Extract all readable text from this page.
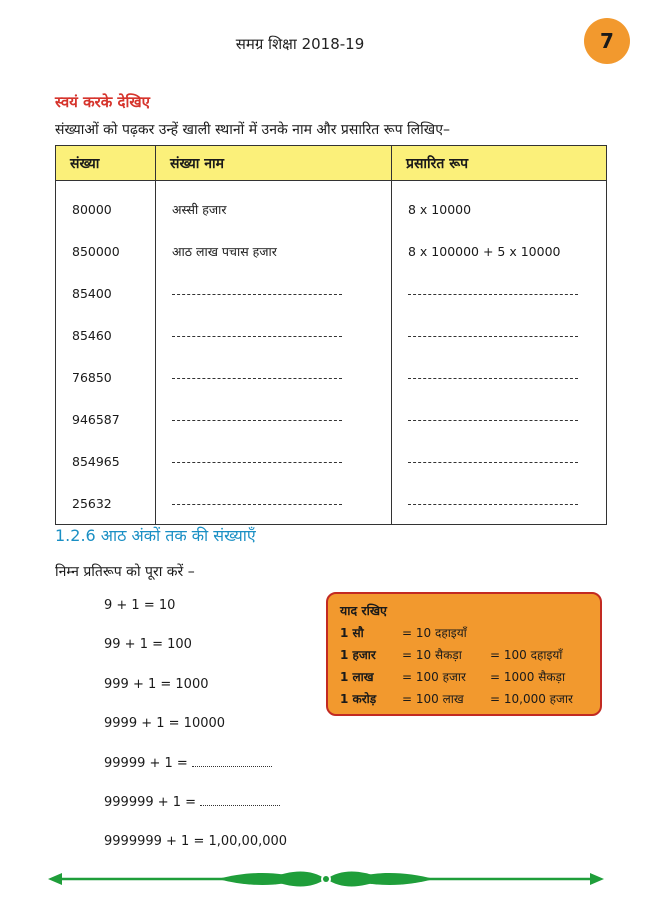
समग्र शिक्षा 2018-19	7
स्वयं करके देखिए
संख्याओं को पढ़कर उन्हें खाली स्थानों में उनके नाम और प्रसारित रूप लिखिए–
संख्या	संख्या नाम	प्रसारित रूप
80000	अस्सी हजार	8 x 10000
850000	आठ लाख पचास हजार	8 x 100000 + 5 x 10000
85400		
85460		
76850		
946587		
854965		
25632		
1.2.6 आठ अंकों तक की संख्याएँ
निम्न प्रतिरूप को पूरा करें –
9 + 1 = 10
99 + 1 = 100
999 + 1 = 1000
9999 + 1 = 10000
99999 + 1 =
999999 + 1 =
9999999 + 1 = 1,00,00,000
याद रखिए
1 सौ	= 10 दहाइयाँ
1 हजार = 10 सैकड़ा = 100 दहाइयाँ
1 लाख = 100 हजार = 1000 सैकड़ा
1 करोड़ = 100 लाख = 10,000 हजार
